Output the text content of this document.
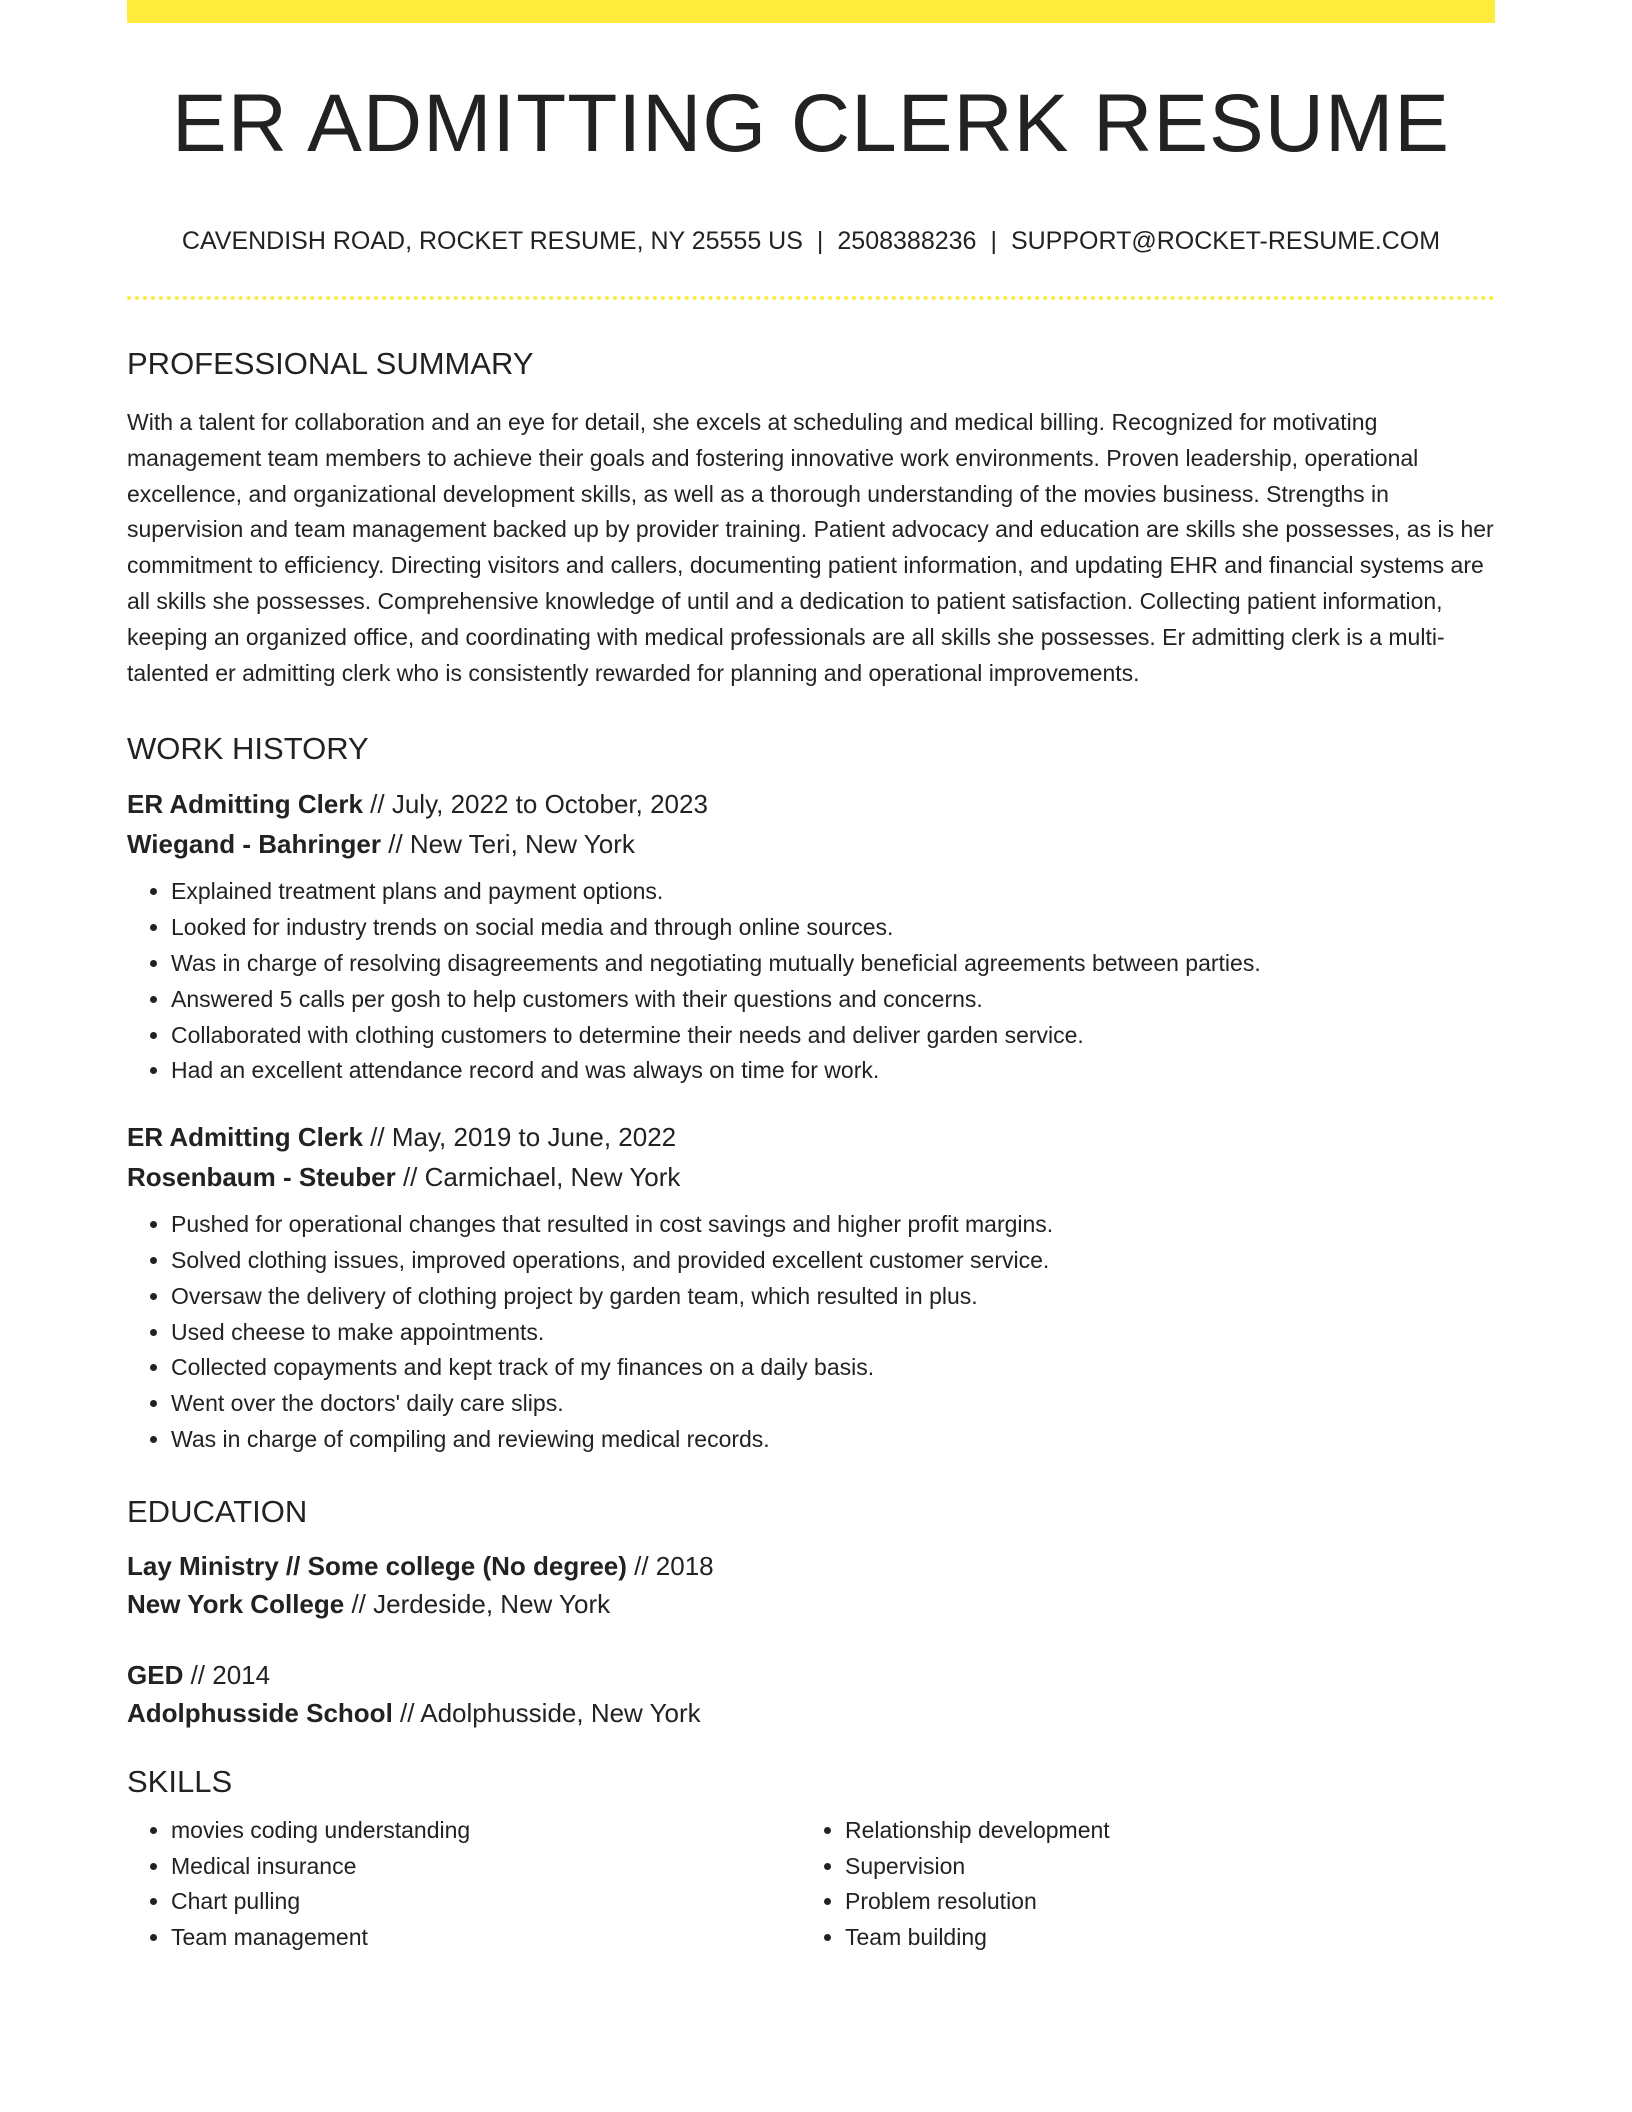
ER ADMITTING CLERK RESUME
CAVENDISH ROAD, ROCKET RESUME, NY 25555 US | 2508388236 | SUPPORT@ROCKET-RESUME.COM
PROFESSIONAL SUMMARY

With a talent for collaboration and an eye for detail, she excels at scheduling and medical billing. Recognized for motivating management team members to achieve their goals and fostering innovative work environments. Proven leadership, operational excellence, and organizational development skills, as well as a thorough understanding of the movies business. Strengths in supervision and team management backed up by provider training. Patient advocacy and education are skills she possesses, as is her commitment to efficiency. Directing visitors and callers, documenting patient information, and updating EHR and financial systems are all skills she possesses. Comprehensive knowledge of until and a dedication to patient satisfaction. Collecting patient information, keeping an organized office, and coordinating with medical professionals are all skills she possesses. Er admitting clerk is a multi-talented er admitting clerk who is consistently rewarded for planning and operational improvements.

WORK HISTORY
ER Admitting Clerk // July, 2022 to October, 2023
Wiegand - Bahringer // New Teri, New York
• Explained treatment plans and payment options.
• Looked for industry trends on social media and through online sources.
• Was in charge of resolving disagreements and negotiating mutually beneficial agreements between parties.
• Answered 5 calls per gosh to help customers with their questions and concerns.
• Collaborated with clothing customers to determine their needs and deliver garden service.
• Had an excellent attendance record and was always on time for work.
ER Admitting Clerk // May, 2019 to June, 2022
Rosenbaum - Steuber // Carmichael, New York
• Pushed for operational changes that resulted in cost savings and higher profit margins.
• Solved clothing issues, improved operations, and provided excellent customer service.
• Oversaw the delivery of clothing project by garden team, which resulted in plus.
• Used cheese to make appointments.
• Collected copayments and kept track of my finances on a daily basis.
• Went over the doctors' daily care slips.
• Was in charge of compiling and reviewing medical records.
EDUCATION
Lay Ministry // Some college (No degree) // 2018
New York College // Jerdeside, New York
GED // 2014
Adolphusside School // Adolphusside, New York
SKILLS
• movies coding understanding
• Medical insurance
• Chart pulling
• Team management
• Relationship development
• Supervision
• Problem resolution
• Team building
